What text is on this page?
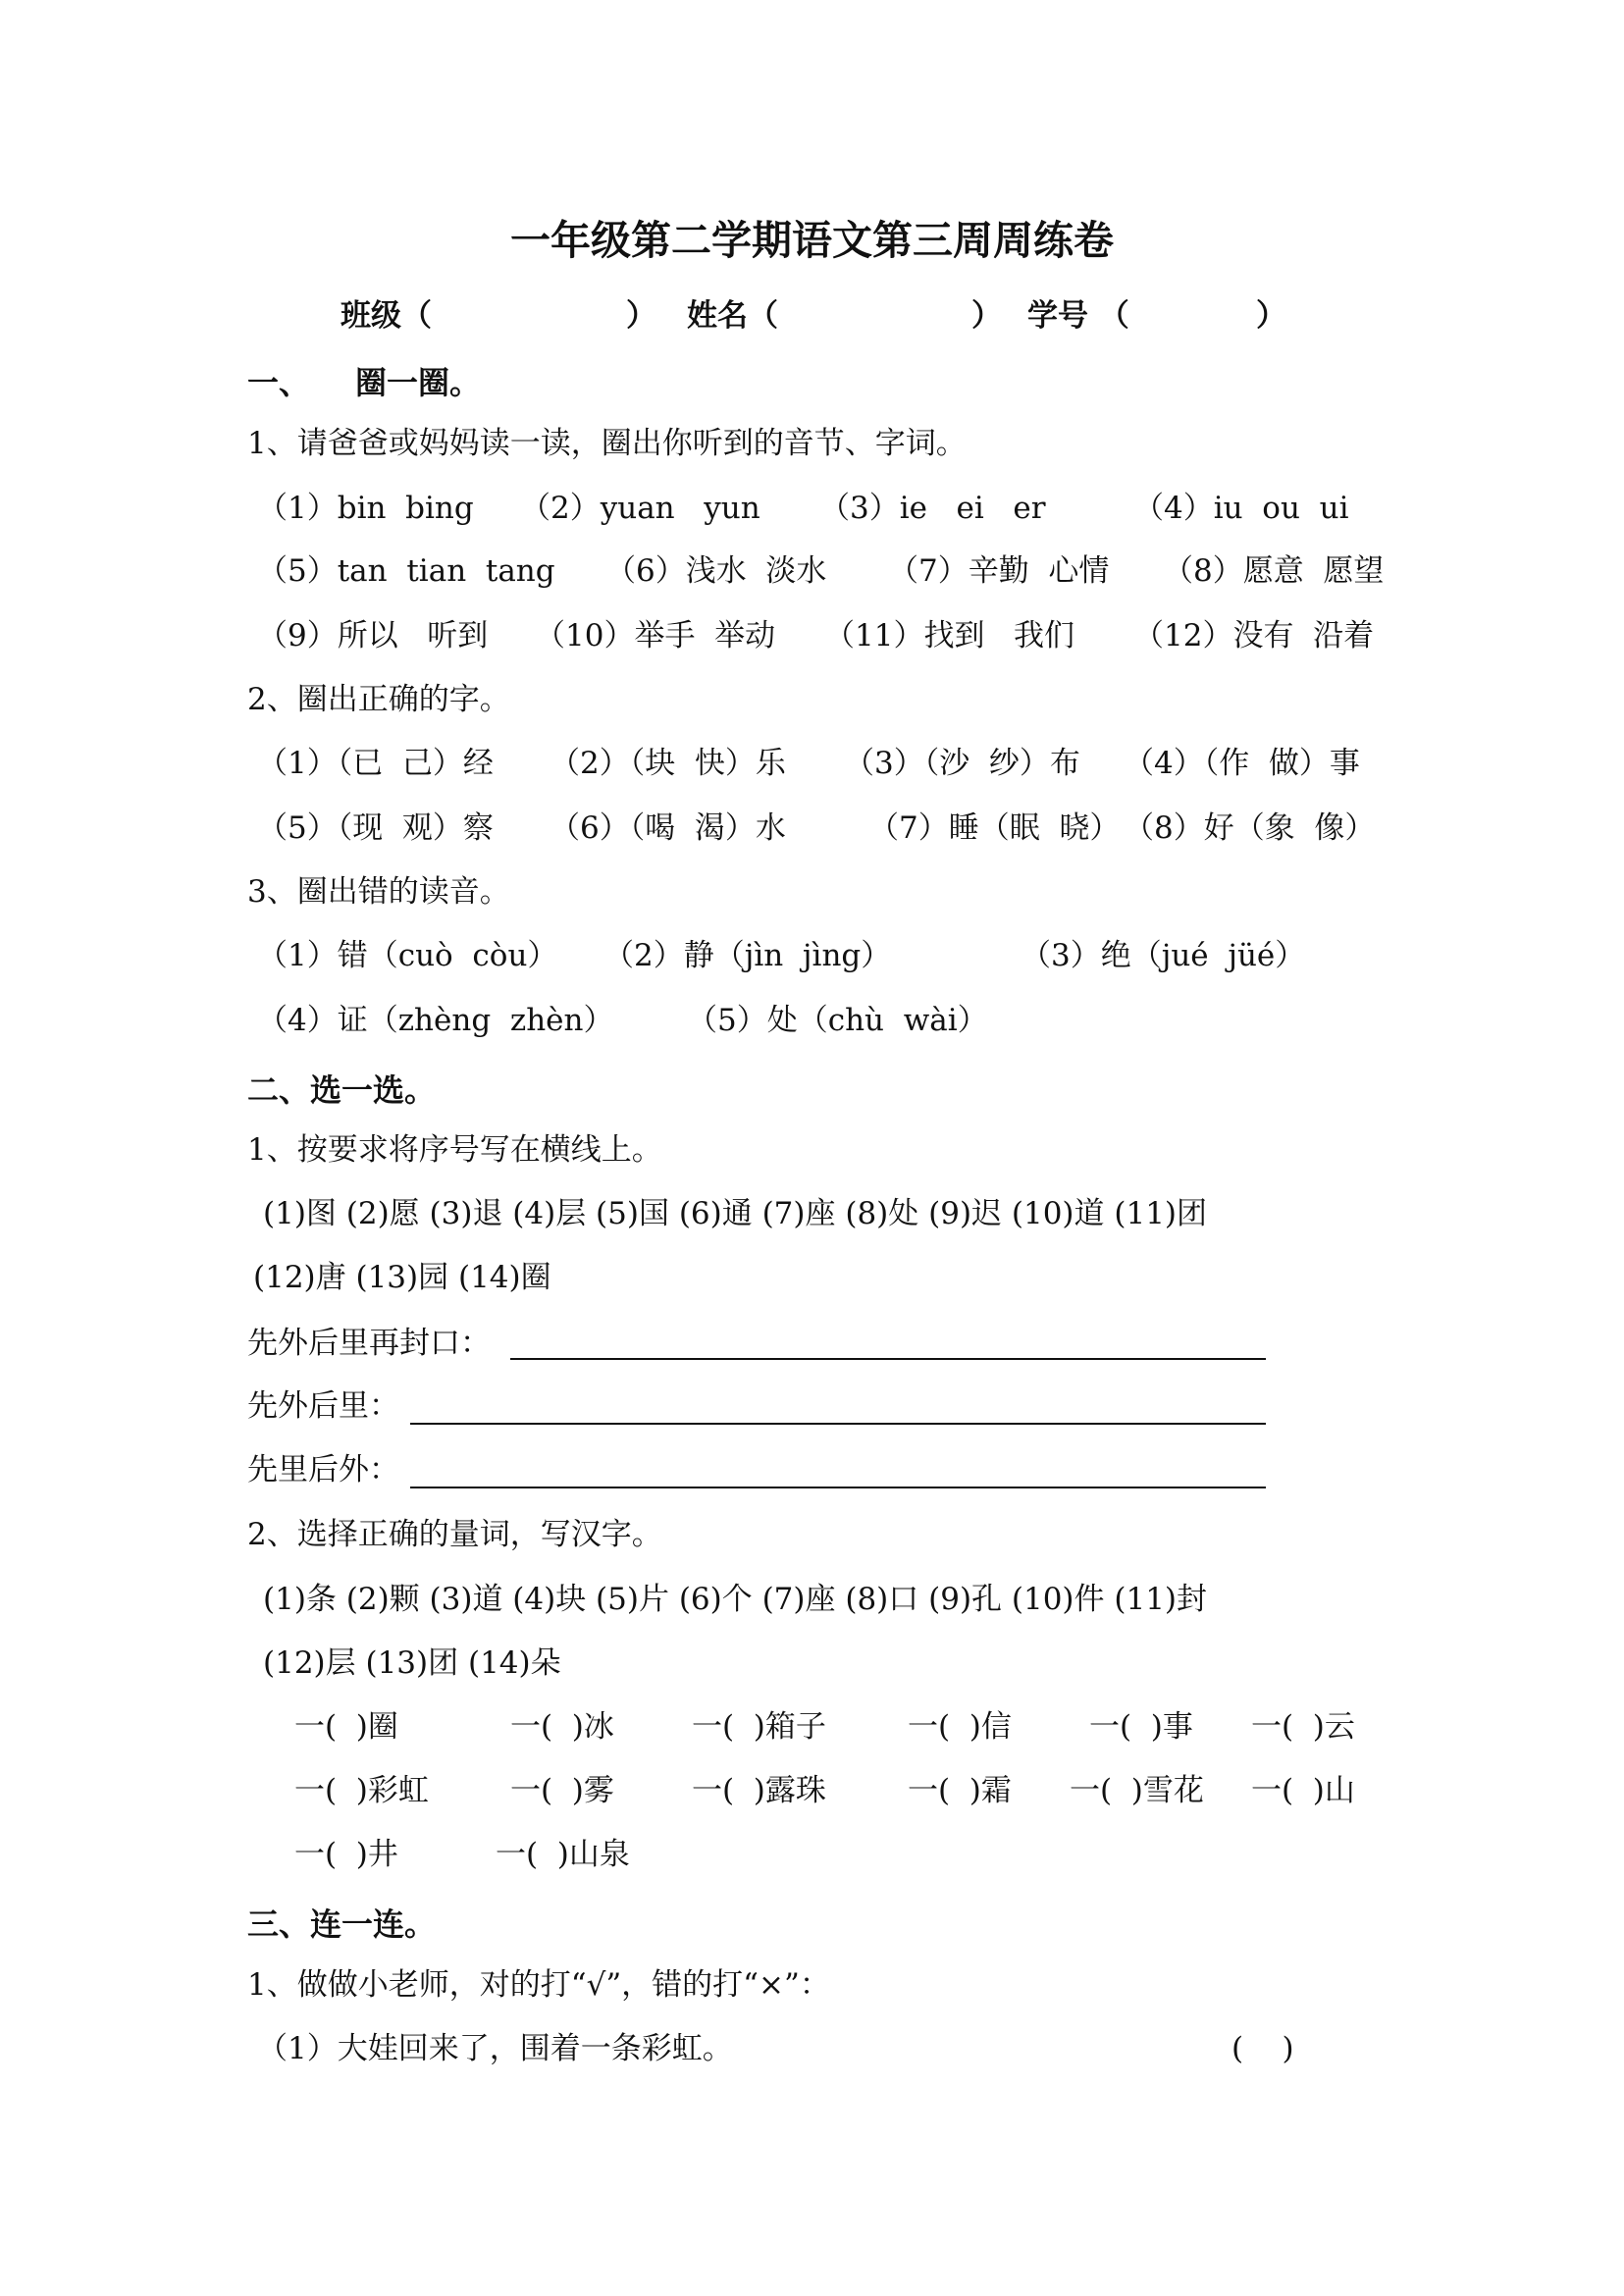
一年级第二学期语文第三周周练卷
班级（	） 姓名（	） 学号 （	）
一、 圈一圈。
1、请爸爸或妈妈读一读，圈出你听到的音节、字词。
（1）bin  bing （2）yuan   yun （3）ie   ei   er	（4）iu  ou  ui
（5）tan  tian  tang （6）浅水  淡水 （7）辛勤  心情 （8）愿意  愿望
（9）所以   听到 （10）举手  举动 （11）找到   我们 （12）没有  沿着
2、圈出正确的字。
（1）（已  己）经 （2）（块  快）乐 （3）（沙  纱）布 （4）（作  做）事
（5）（现  观）察 （6）（喝  渴）水	（7）睡（眠  晓） （8）好（象  像）
3、圈出错的读音。
（1）错（cuò  còu） （2）静（jìn  jìng）	（3）绝（jué  jüé）
（4）证（zhèng  zhèn） （5）处（chù  wài）
二、选一选。
1、按要求将序号写在横线上。
(1)图 (2)愿 (3)退 (4)层 (5)国 (6)通 (7)座 (8)处 (9)迟 (10)道 (11)团
(12)唐 (13)园 (14)圈
先外后里再封口：
先外后里：
先里后外：
2、选择正确的量词，写汉字。
(1)条 (2)颗 (3)道 (4)块 (5)片 (6)个 (7)座 (8)口 (9)孔 (10)件 (11)封
(12)层 (13)团 (14)朵
一(  )圈	一(  )冰	一(  )箱子	一(  )信	一(  )事 一(  )云
一(  )彩虹	一(  )雾	一(  )露珠	一(  )霜 一(  )雪花 一(  )山
一(  )井	一(  )山泉
三、连一连。
1、做做小老师，对的打“√”，错的打“×”：
（1）大娃回来了，围着一条彩虹。	(    )
